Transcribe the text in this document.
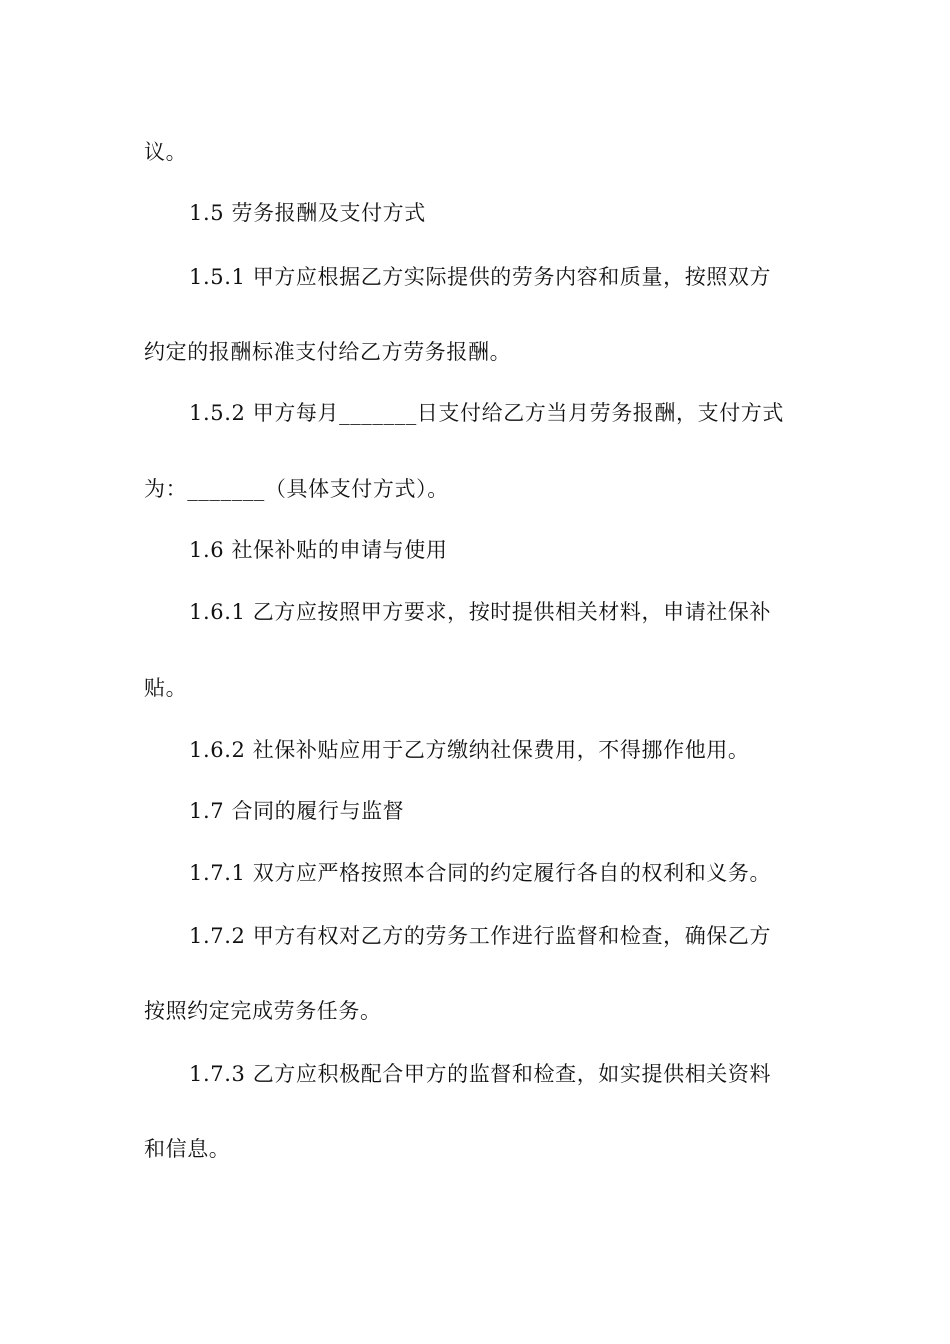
议。
1.5 劳务报酬及支付方式
1.5.1 甲方应根据乙方实际提供的劳务内容和质量，按照双方
约定的报酬标准支付给乙方劳务报酬。
1.5.2 甲方每月_______日支付给乙方当月劳务报酬，支付方式
为：_______（具体支付方式）。
1.6 社保补贴的申请与使用
1.6.1 乙方应按照甲方要求，按时提供相关材料，申请社保补
贴。
1.6.2 社保补贴应用于乙方缴纳社保费用，不得挪作他用。
1.7 合同的履行与监督
1.7.1 双方应严格按照本合同的约定履行各自的权利和义务。
1.7.2 甲方有权对乙方的劳务工作进行监督和检查，确保乙方
按照约定完成劳务任务。
1.7.3 乙方应积极配合甲方的监督和检查，如实提供相关资料
和信息。
